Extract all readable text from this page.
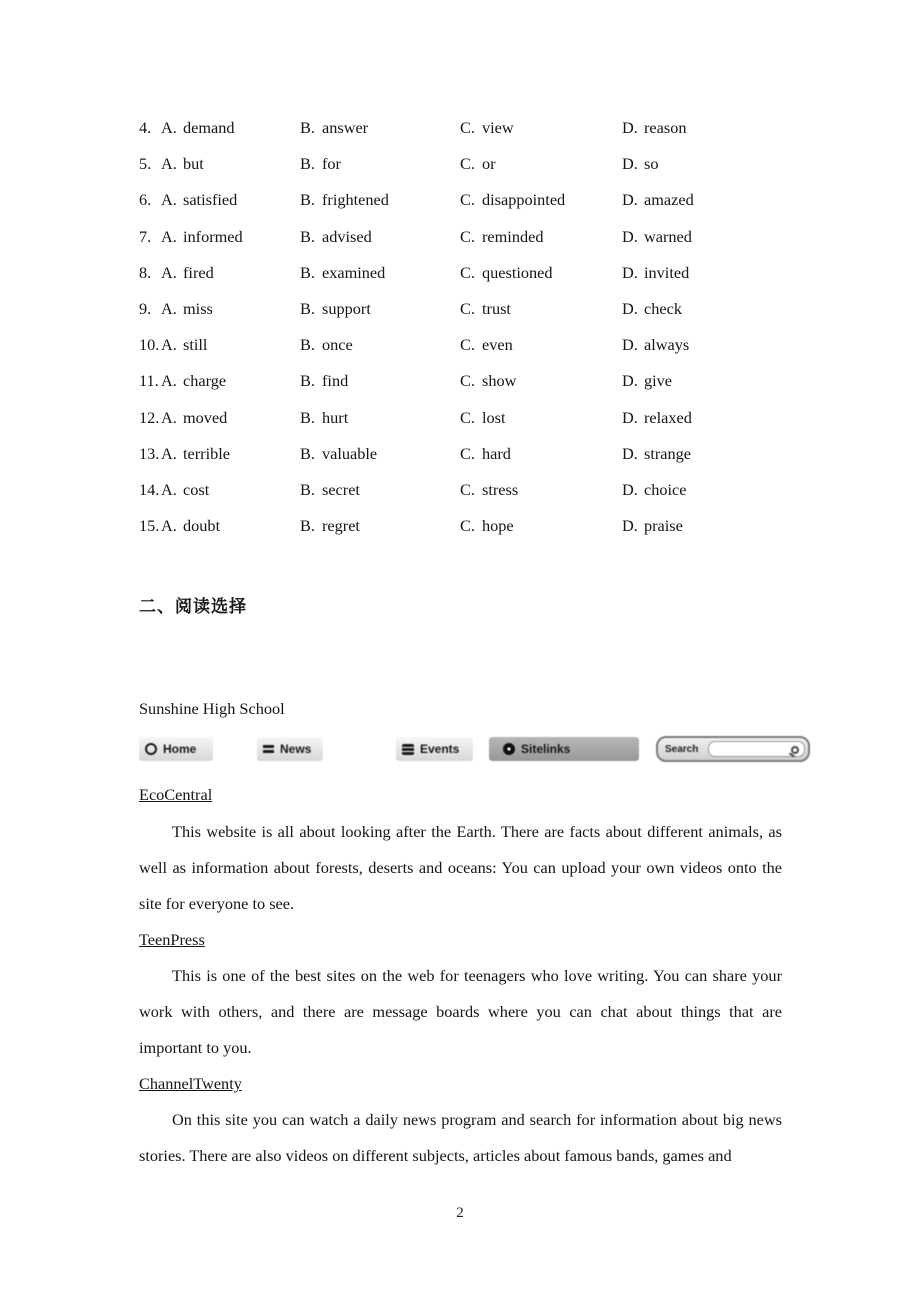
4. A. demand	B. answer	C. view	D. reason
5. A. but	B. for	C. or	D. so
6. A. satisfied	B. frightened	C. disappointed	D. amazed
7. A. informed	B. advised	C. reminded	D. warned
8. A. fired	B. examined	C. questioned	D. invited
9. A. miss	B. support	C. trust	D. check
10. A. still	B. once	C. even	D. always
11. A. charge	B. find	C. show	D. give
12. A. moved	B. hurt	C. lost	D. relaxed
13. A. terrible	B. valuable	C. hard	D. strange
14. A. cost	B. secret	C. stress	D. choice
15. A. doubt	B. regret	C. hope	D. praise
二、阅读选择
Sunshine High School
Home	News	Events	Sitelinks	Search
EcoCentral
This website is all about looking after the Earth. There are facts about different animals, as well as information about forests, deserts and oceans: You can upload your own videos onto the site for everyone to see.
TeenPress
This is one of the best sites on the web for teenagers who love writing. You can share your work with others, and there are message boards where you can chat about things that are important to you.
ChannelTwenty
On this site you can watch a daily news program and search for information about big news stories. There are also videos on different subjects, articles about famous bands, games and
2
